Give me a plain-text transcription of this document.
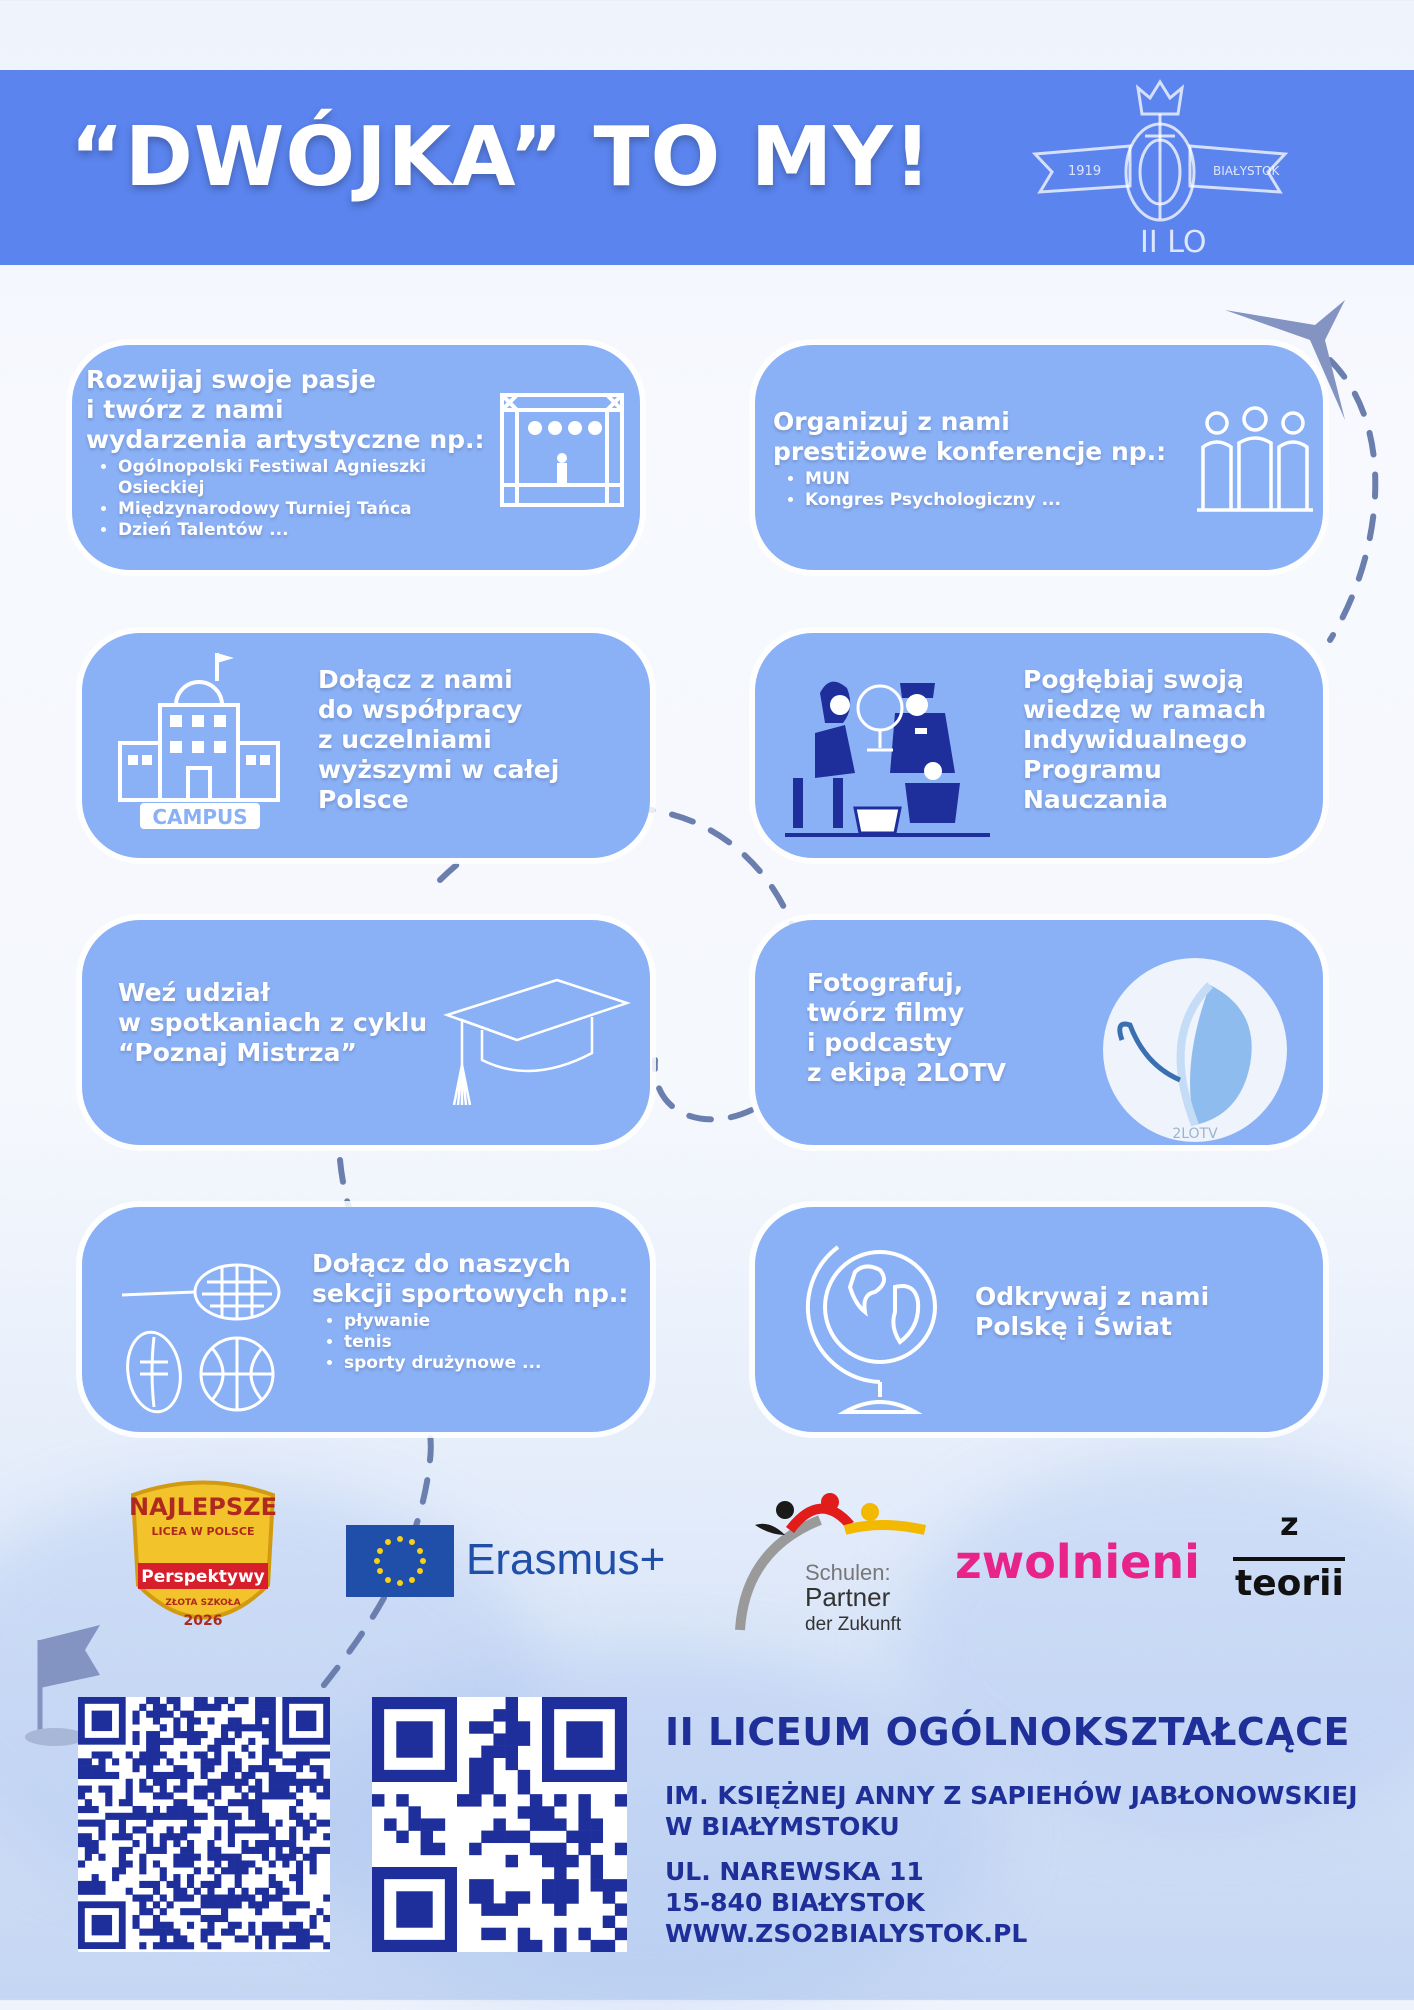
“DWÓJKA” TO MY!	1919	BIAŁYSTOK
II LO
Rozwijaj swoje pasje
i twórz z nami
wydarzenia artystyczne np.:
• Ogólnopolski Festiwal Agnieszki Osieckiej
• Międzynarodowy Turniej Tańca
• Dzień Talentów ...
Organizuj z nami
prestiżowe konferencje np.:
• MUN
• Kongres Psychologiczny ...
CAMPUS
Dołącz z nami
do współpracy
z uczelniami
wyższymi w całej
Polsce
Pogłębiaj swoją
wiedzę w ramach
Indywidualnego
Programu
Nauczania
Weź udział
w spotkaniach z cyklu
“Poznaj Mistrza”
Fotografuj,
twórz filmy
i podcasty
z ekipą 2LOTV
2LOTV
Dołącz do naszych
sekcji sportowych np.:
• pływanie
• tenis
• sporty drużynowe ...
Odkrywaj z nami
Polskę i Świat
NAJLEPSZE
LICEA W POLSCE
Perspektywy
ZŁOTA SZKOŁA
2026
Erasmus+	Schulen:
Partner
der Zukunft
zwolnieni
z
teorii
II LICEUM OGÓLNOKSZTAŁCĄCE
IM. KSIĘŻNEJ ANNY Z SAPIEHÓW JABŁONOWSKIEJ
W BIAŁYMSTOKU
UL. NAREWSKA 11
15-840 BIAŁYSTOK
WWW.ZSO2BIALYSTOK.PL
